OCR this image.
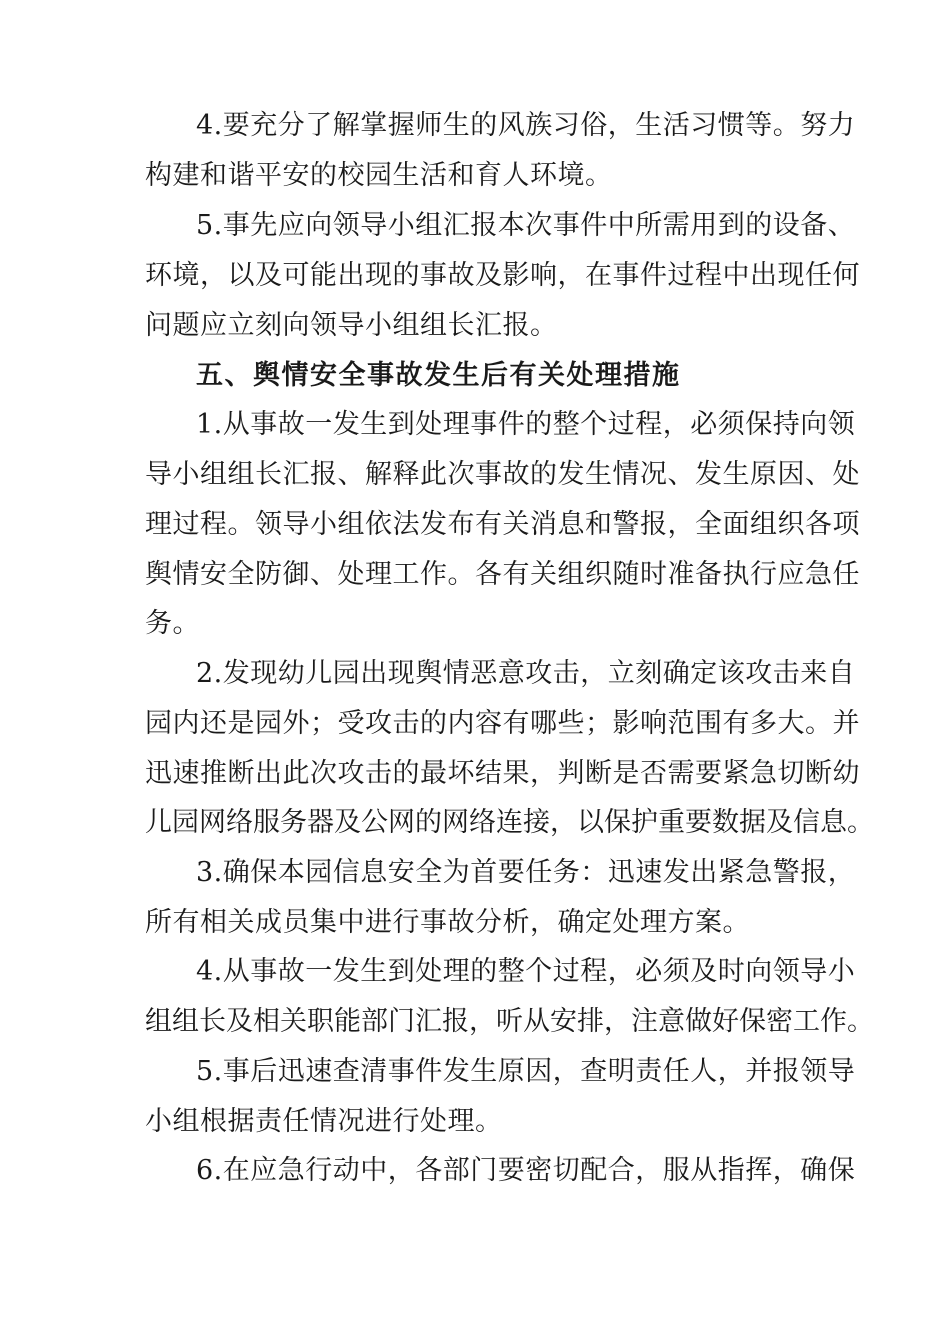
4.要充分了解掌握师生的风族习俗，生活习惯等。努力
构建和谐平安的校园生活和育人环境。
5.事先应向领导小组汇报本次事件中所需用到的设备、
环境，以及可能出现的事故及影响，在事件过程中出现任何
问题应立刻向领导小组组长汇报。
五、舆情安全事故发生后有关处理措施
1.从事故一发生到处理事件的整个过程，必须保持向领
导小组组长汇报、解释此次事故的发生情况、发生原因、处
理过程。领导小组依法发布有关消息和警报，全面组织各项
舆情安全防御、处理工作。各有关组织随时准备执行应急任
务。
2.发现幼儿园出现舆情恶意攻击，立刻确定该攻击来自
园内还是园外；受攻击的内容有哪些；影响范围有多大。并
迅速推断出此次攻击的最坏结果，判断是否需要紧急切断幼
儿园网络服务器及公网的网络连接，以保护重要数据及信息。
3.确保本园信息安全为首要任务：迅速发出紧急警报，
所有相关成员集中进行事故分析，确定处理方案。
4.从事故一发生到处理的整个过程，必须及时向领导小
组组长及相关职能部门汇报，听从安排，注意做好保密工作。
5.事后迅速查清事件发生原因，查明责任人，并报领导
小组根据责任情况进行处理。
6.在应急行动中，各部门要密切配合，服从指挥，确保
